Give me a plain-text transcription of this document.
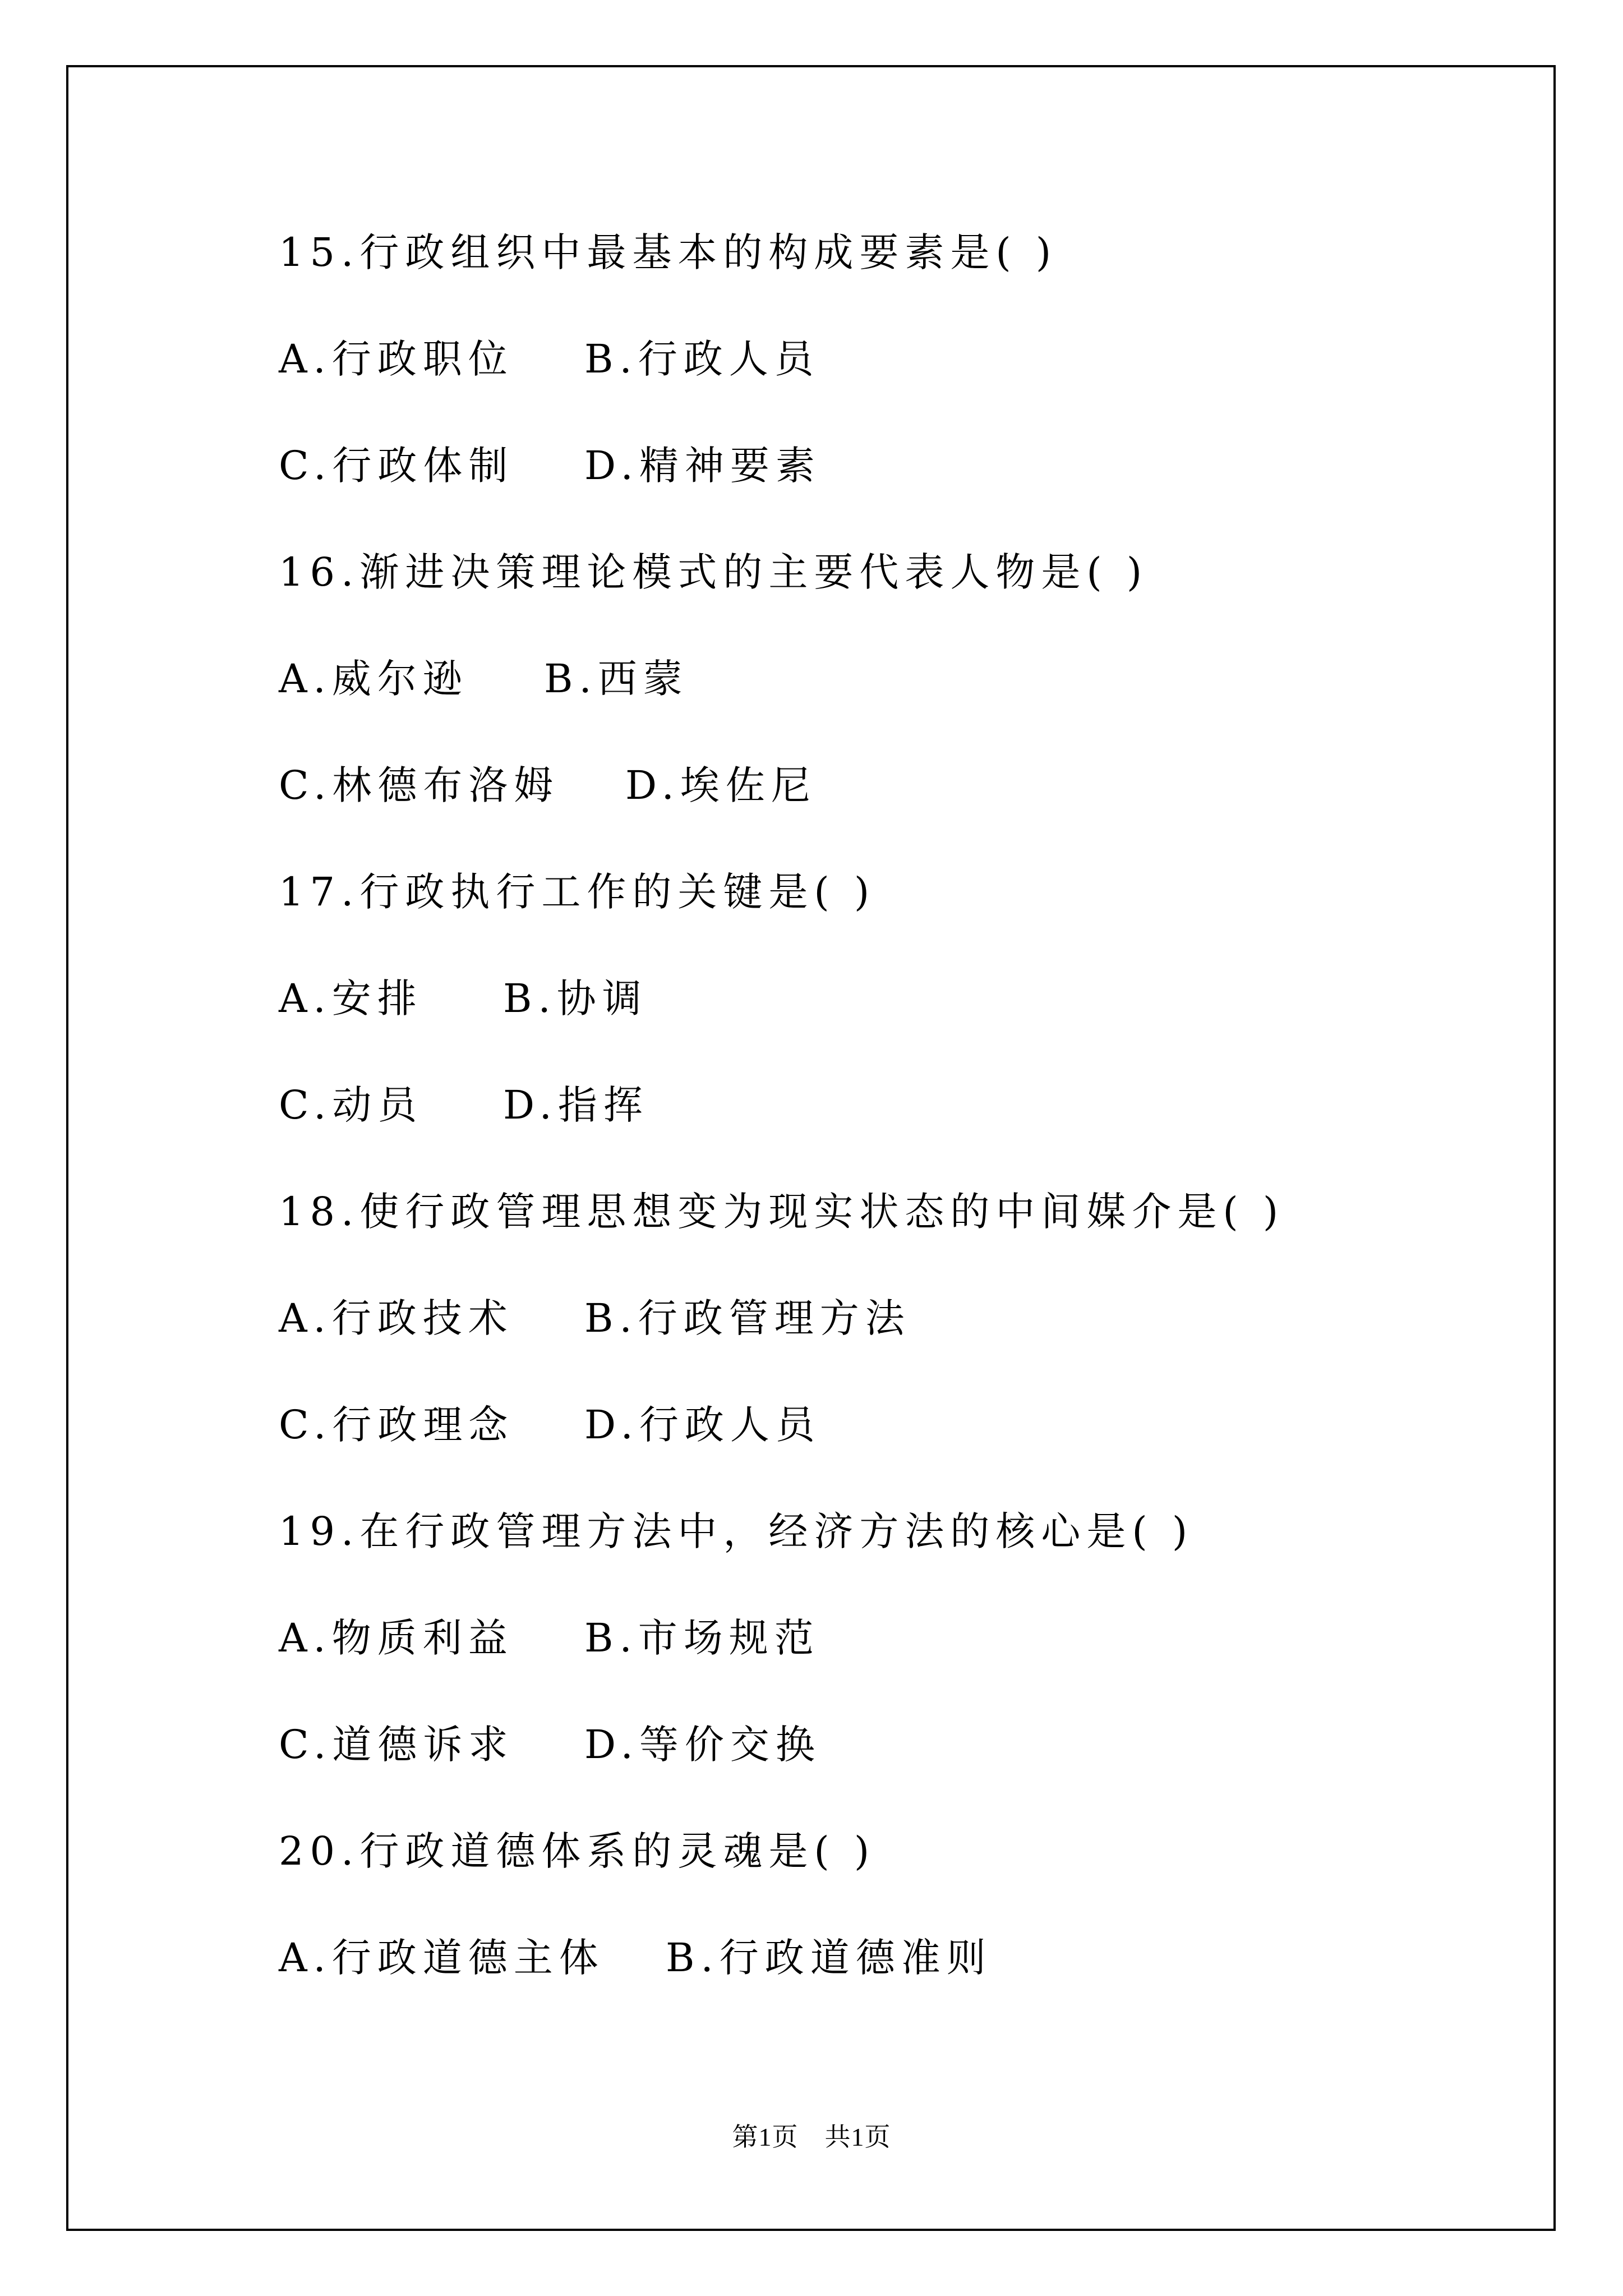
15.行政组织中最基本的构成要素是( )
A.行政职位 B.行政人员
C.行政体制 D.精神要素
16.渐进决策理论模式的主要代表人物是( )
A.威尔逊 B.西蒙
C.林德布洛姆 D.埃佐尼
17.行政执行工作的关键是( )
A.安排 B.协调
C.动员 D.指挥
18.使行政管理思想变为现实状态的中间媒介是( )
A.行政技术 B.行政管理方法
C.行政理念 D.行政人员
19.在行政管理方法中，经济方法的核心是( )
A.物质利益 B.市场规范
C.道德诉求 D.等价交换
20.行政道德体系的灵魂是( )
A.行政道德主体 B.行政道德准则
第1页　共1页
